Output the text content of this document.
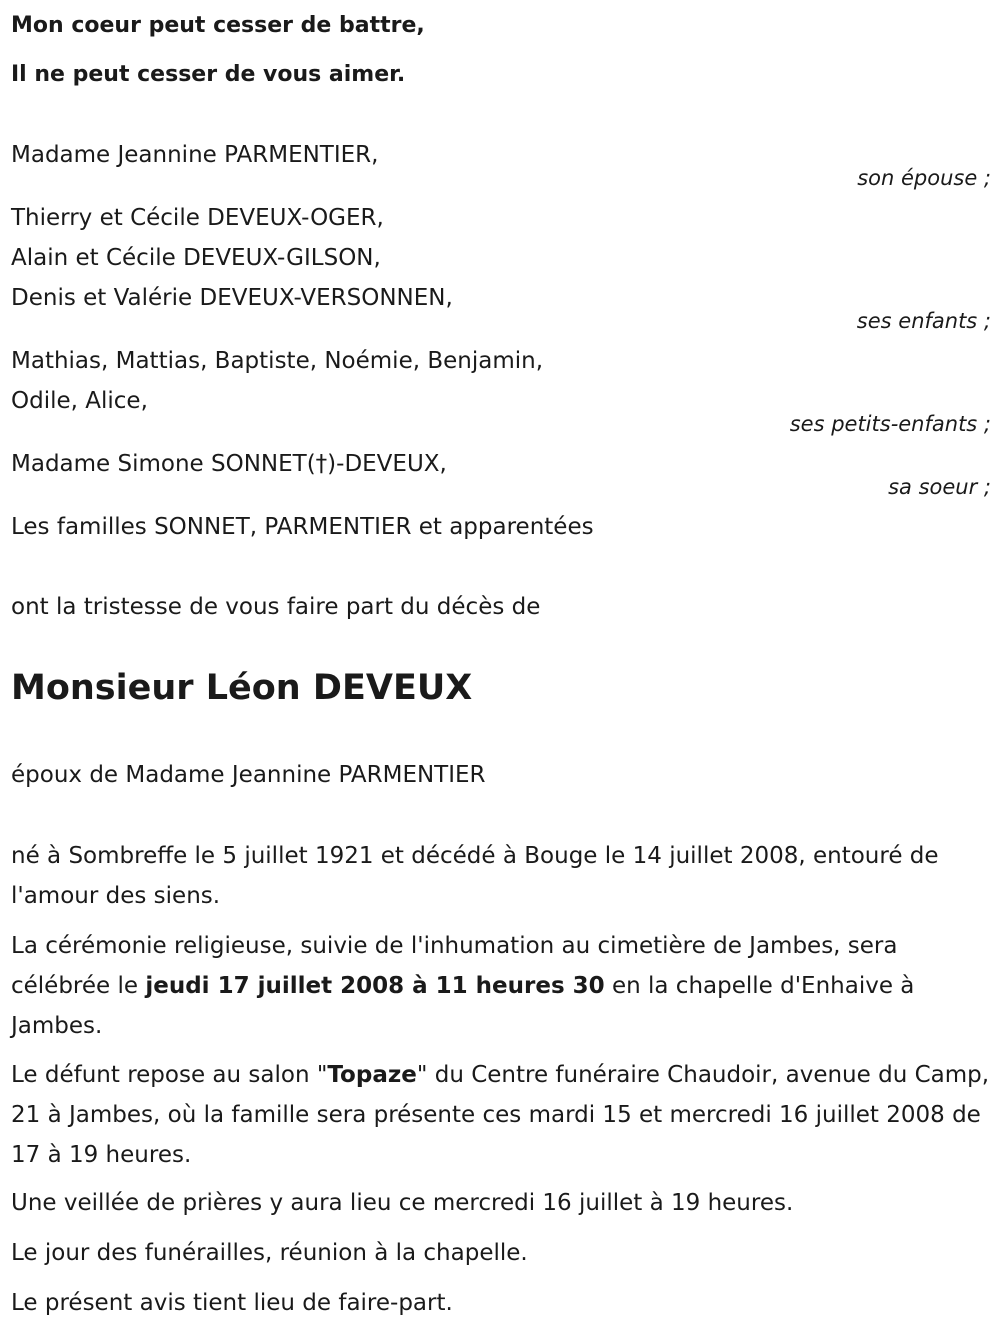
Mon coeur peut cesser de battre,
Il ne peut cesser de vous aimer.
Madame Jeannine PARMENTIER,
son épouse ;
Thierry et Cécile DEVEUX-OGER,
Alain et Cécile DEVEUX-GILSON,
Denis et Valérie DEVEUX-VERSONNEN,
ses enfants ;
Mathias, Mattias, Baptiste, Noémie, Benjamin,
Odile, Alice,
ses petits-enfants ;
Madame Simone SONNET(†)-DEVEUX,
sa soeur ;
Les familles SONNET, PARMENTIER et apparentées
ont la tristesse de vous faire part du décès de
Monsieur Léon DEVEUX
époux de Madame Jeannine PARMENTIER
né à Sombreffe le 5 juillet 1921 et décédé à Bouge le 14 juillet 2008, entouré de l'amour des siens.
La cérémonie religieuse, suivie de l'inhumation au cimetière de Jambes, sera célébrée le jeudi 17 juillet 2008 à 11 heures 30 en la chapelle d'Enhaive à Jambes.
Le défunt repose au salon "Topaze" du Centre funéraire Chaudoir, avenue du Camp, 21 à Jambes, où la famille sera présente ces mardi 15 et mercredi 16 juillet 2008 de 17 à 19 heures.
Une veillée de prières y aura lieu ce mercredi 16 juillet à 19 heures.
Le jour des funérailles, réunion à la chapelle.
Le présent avis tient lieu de faire-part.
